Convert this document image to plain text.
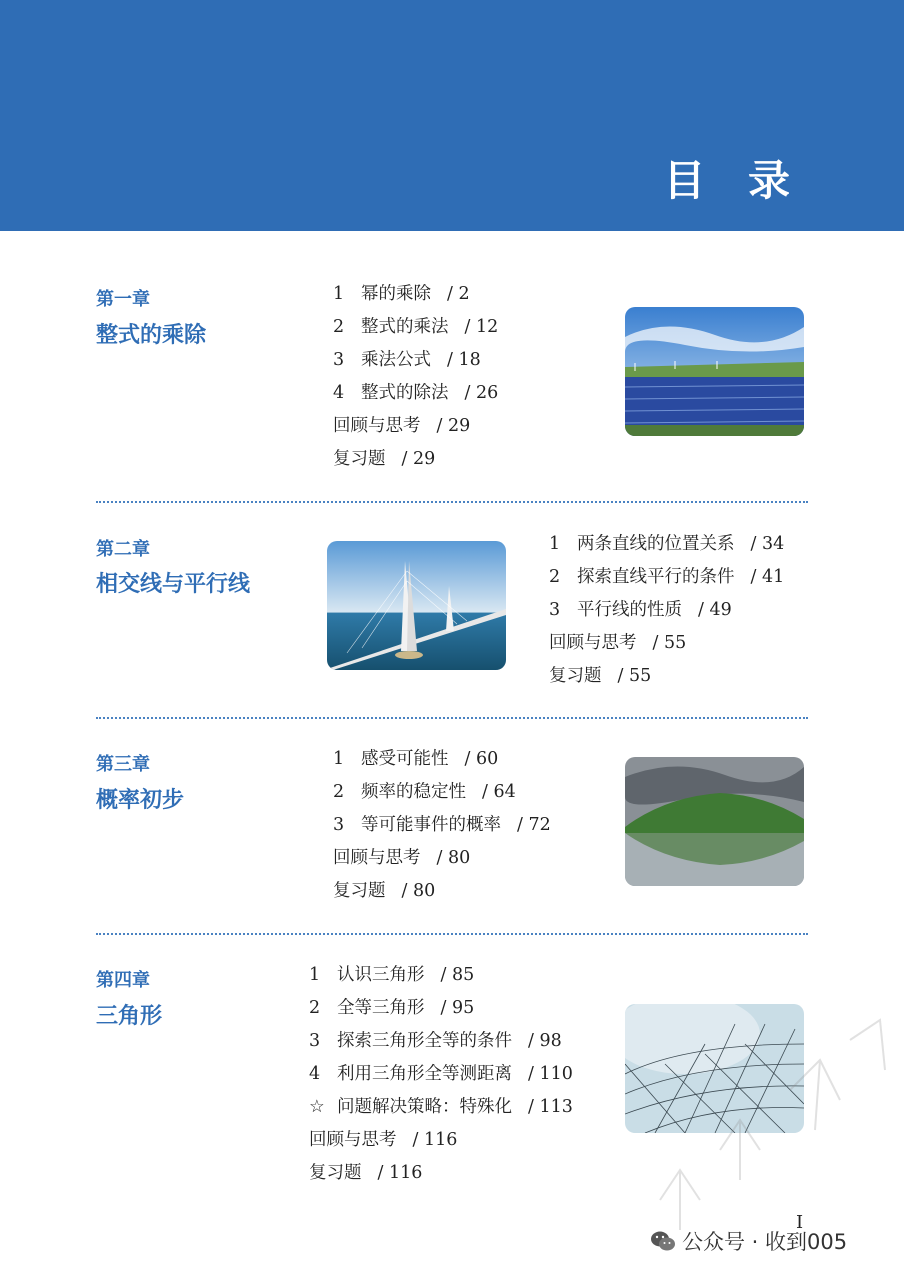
目 录
第一章
整式的乘除
1 幂的乘除 / 2
2 整式的乘法 / 12
3 乘法公式 / 18
4 整式的除法 / 26
回顾与思考 / 29
复习题 / 29
第二章
相交线与平行线
1 两条直线的位置关系 / 34
2 探索直线平行的条件 / 41
3 平行线的性质 / 49
回顾与思考 / 55
复习题 / 55
第三章
概率初步
1 感受可能性 / 60
2 频率的稳定性 / 64
3 等可能事件的概率 / 72
回顾与思考 / 80
复习题 / 80
第四章
三角形
1 认识三角形 / 85
2 全等三角形 / 95
3 探索三角形全等的条件 / 98
4 利用三角形全等测距离 / 110
☆ 问题解决策略：特殊化 / 113
回顾与思考 / 116
复习题 / 116
I
公众号 · 收到005
